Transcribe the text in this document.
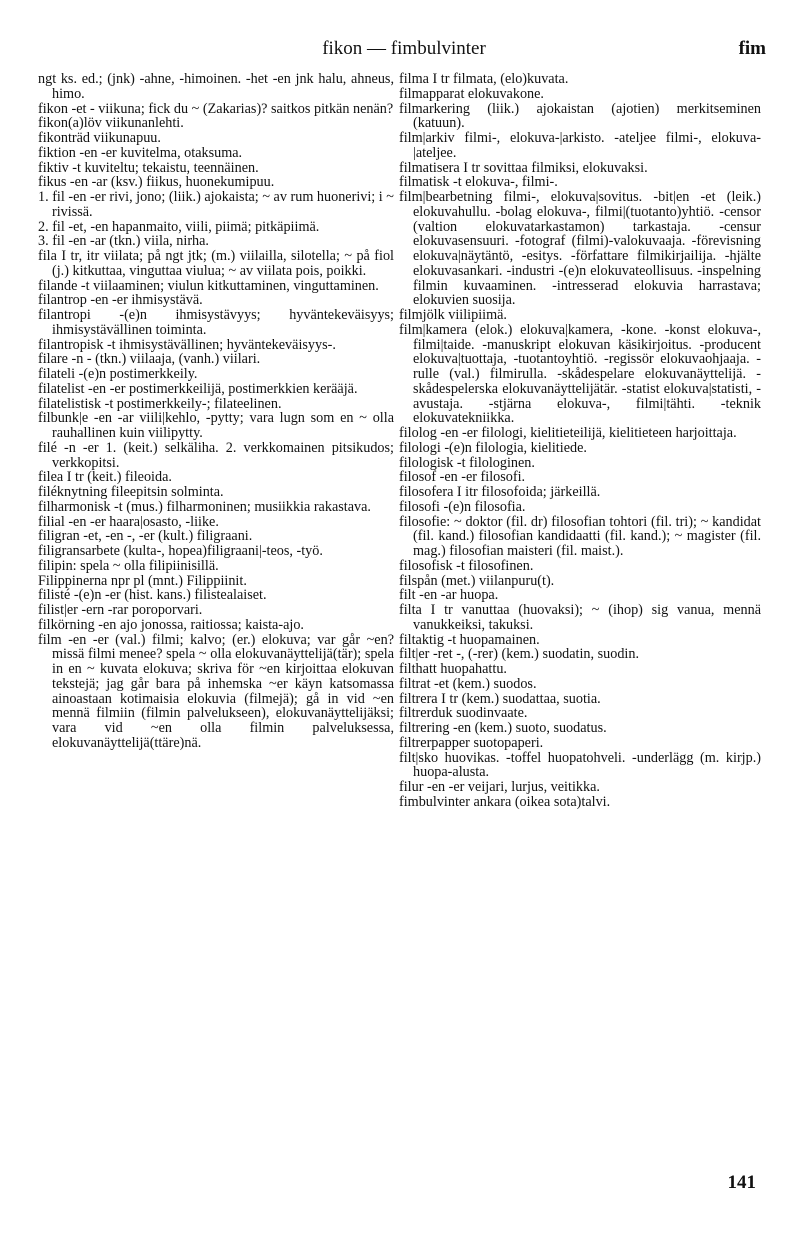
fikon — fimbulvinter	fim

ngt ks. ed.; (jnk) -ahne, -himoinen. -het -en jnk halu, ahneus, himo.

fikon -et - viikuna; fick du ~ (Zakarias)? saitkos pitkän nenän?

fikon(a)löv viikunanlehti.

fikonträd viikunapuu.

fiktion -en -er kuvitelma, otaksuma.

fiktiv -t kuviteltu; tekaistu, teennäinen.

fikus -en -ar (ksv.) fiikus, huonekumipuu.

1. fil -en -er rivi, jono; (liik.) ajokaista; ~ av rum huonerivi; i ~ rivissä.

2. fil -et, -en hapanmaito, viili, piimä; pitkäpiimä.

3. fil -en -ar (tkn.) viila, nirha.

fila I tr, itr viilata; på ngt jtk; (m.) viilailla, silotella; ~ på fiol (j.) kitkuttaa, vinguttaa viulua; ~ av viilata pois, poikki.

filande -t viilaaminen; viulun kitkuttaminen, vinguttaminen.

filantrop -en -er ihmisystävä.

filantropi -(e)n ihmisystävyys; hyväntekeväisyys; ihmisystävällinen toiminta.

filantropisk -t ihmisystävällinen; hyväntekeväisyys-.

filare -n - (tkn.) viilaaja, (vanh.) viilari.

filateli -(e)n postimerkkeily.

filatelist -en -er postimerkkeilijä, postimerkkien kerääjä.

filatelistisk -t postimerkkeily-; filateelinen.

filbunk|e -en -ar viili|kehlo, -pytty; vara lugn som en ~ olla rauhallinen kuin viilipytty.

filé -n -er 1. (keit.) selkäliha. 2. verkkomainen pitsikudos; verkkopitsi.

filea I tr (keit.) fileoida.

filéknytning fileepitsin solminta.

filharmonisk -t (mus.) filharmoninen; musiikkia rakastava.

filial -en -er haara|osasto, -liike.

filigran -et, -en -, -er (kult.) filigraani.

filigransarbete (kulta-, hopea)filigraani|-teos, -työ.

filipin: spela ~ olla filipiinisillä.

Filippinerna npr pl (mnt.) Filippiinit.

filisté -(e)n -er (hist. kans.) filistealaiset.

filist|er -ern -rar poroporvari.

filkörning -en ajo jonossa, raitiossa; kaista-ajo.

film -en -er (val.) filmi; kalvo; (er.) elokuva; var går ~en? missä filmi menee? spela ~ olla elokuvanäyttelijä(tär); spela in en ~ kuvata elokuva; skriva för ~en kirjoittaa elokuvan tekstejä; jag går bara på inhemska ~er käyn katsomassa ainoastaan kotimaisia elokuvia (filmejä); gå in vid ~en mennä filmiin (filmin palvelukseen), elokuvanäyttelijäksi; vara vid ~en olla filmin palveluksessa, elokuvanäyttelijä(ttäre)nä.

filma I tr filmata, (elo)kuvata.

filmapparat elokuvakone.

filmarkering (liik.) ajokaistan (ajotien) merkitseminen (katuun).

film|arkiv filmi-, elokuva-|arkisto. -ateljee filmi-, elokuva-|ateljee.

filmatisera I tr sovittaa filmiksi, elokuvaksi.

filmatisk -t elokuva-, filmi-.

film|bearbetning filmi-, elokuva|sovitus. -bit|en -et (leik.) elokuvahullu. -bolag elokuva-, filmi|(tuotanto)yhtiö. -censor (valtion elokuvatarkastamon) tarkastaja. -censur elokuvasensuuri. -fotograf (filmi)-valokuvaaja. -förevisning elokuva|näytäntö, -esitys. -författare filmikirjailija. -hjälte elokuvasankari. -industri -(e)n elokuvateollisuus. -inspelning filmin kuvaaminen. -intresserad elokuvia harrastava; elokuvien suosija.

filmjölk viilipiimä.

film|kamera (elok.) elokuva|kamera, -kone. -konst elokuva-, filmi|taide. -manuskript elokuvan käsikirjoitus. -producent elokuva|tuottaja, -tuotantoyhtiö. -regissör elokuvaohjaaja. -rulle (val.) filmirulla. -skådespelare elokuvanäyttelijä. -skådespelerska elokuvanäyttelijätär. -statist elokuva|statisti, -avustaja. -stjärna elokuva-, filmi|tähti. -teknik elokuvatekniikka.

filolog -en -er filologi, kielitieteilijä, kielitieteen harjoittaja.

filologi -(e)n filologia, kielitiede.

filologisk -t filologinen.

filosof -en -er filosofi.

filosofera I itr filosofoida; järkeillä.

filosofi -(e)n filosofia.

filosofie: ~ doktor (fil. dr) filosofian tohtori (fil. tri); ~ kandidat (fil. kand.) filosofian kandidaatti (fil. kand.); ~ magister (fil. mag.) filosofian maisteri (fil. maist.).

filosofisk -t filosofinen.

filspån (met.) viilanpuru(t).

filt -en -ar huopa.

filta I tr vanuttaa (huovaksi); ~ (ihop) sig vanua, mennä vanukkeiksi, takuksi.

filtaktig -t huopamainen.

filt|er -ret -, (-rer) (kem.) suodatin, suodin.

filthatt huopahattu.

filtrat -et (kem.) suodos.

filtrera I tr (kem.) suodattaa, suotia.

filtrerduk suodinvaate.

filtrering -en (kem.) suoto, suodatus.

filtrerpapper suotopaperi.

filt|sko huovikas. -toffel huopatohveli. -underlägg (m. kirjp.) huopa-alusta.

filur -en -er veijari, lurjus, veitikka.

fimbulvinter ankara (oikea sota)talvi.

141
